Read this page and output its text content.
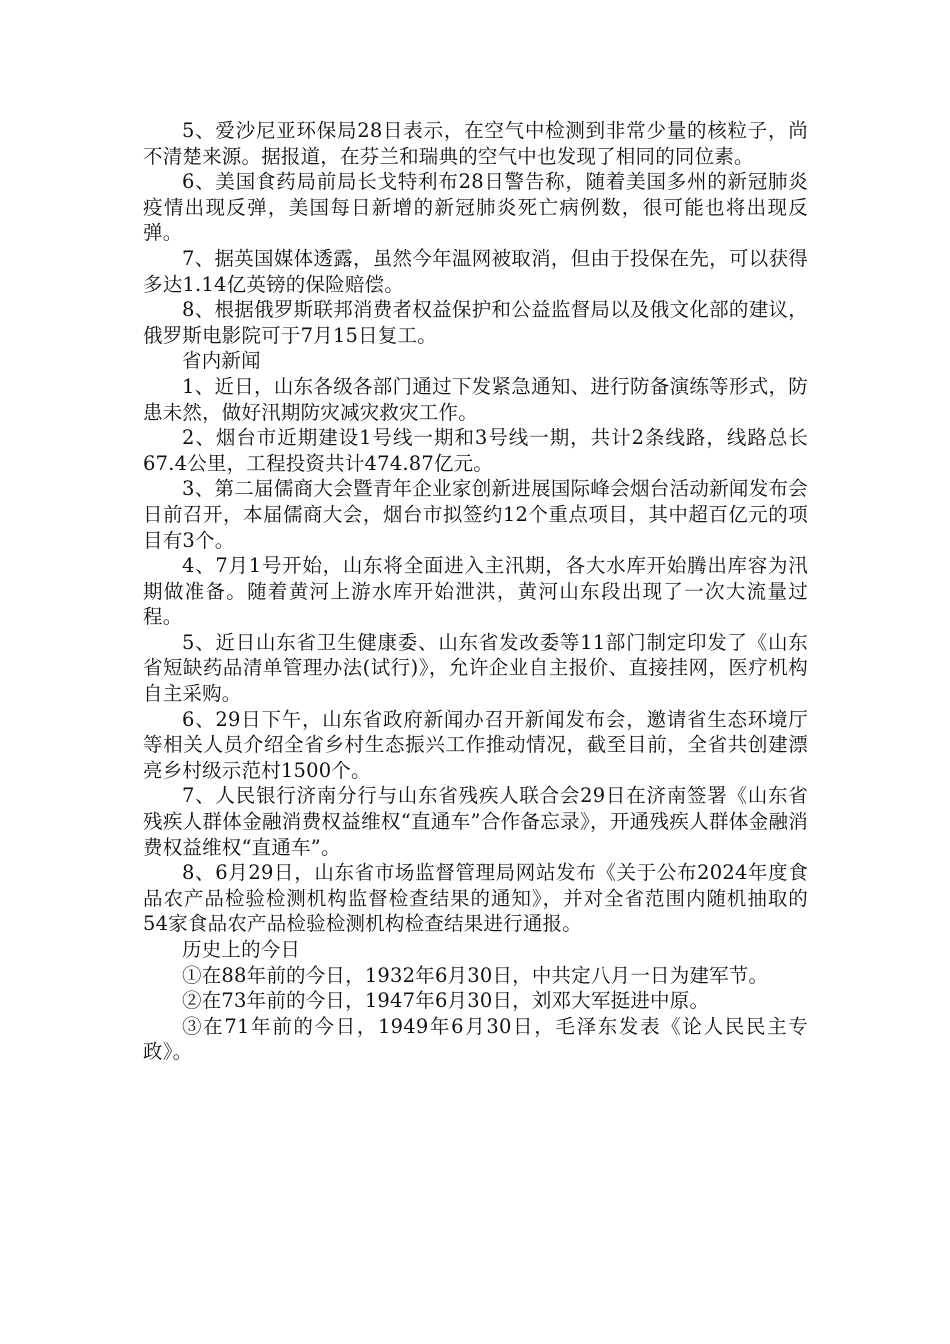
5、爱沙尼亚环保局28日表示，在空气中检测到非常少量的核粒子，尚不清楚来源。据报道，在芬兰和瑞典的空气中也发现了相同的同位素。

6、美国食药局前局长戈特利布28日警告称，随着美国多州的新冠肺炎疫情出现反弹，美国每日新增的新冠肺炎死亡病例数，很可能也将出现反弹。

7、据英国媒体透露，虽然今年温网被取消，但由于投保在先，可以获得多达1.14亿英镑的保险赔偿。

8、根据俄罗斯联邦消费者权益保护和公益监督局以及俄文化部的建议，俄罗斯电影院可于7月15日复工。

省内新闻

1、近日，山东各级各部门通过下发紧急通知、进行防备演练等形式，防患未然，做好汛期防灾减灾救灾工作。

2、烟台市近期建设1号线一期和3号线一期，共计2条线路，线路总长67.4公里，工程投资共计474.87亿元。

3、第二届儒商大会暨青年企业家创新进展国际峰会烟台活动新闻发布会日前召开，本届儒商大会，烟台市拟签约12个重点项目，其中超百亿元的项目有3个。

4、7月1号开始，山东将全面进入主汛期，各大水库开始腾出库容为汛期做准备。随着黄河上游水库开始泄洪，黄河山东段出现了一次大流量过程。

5、近日山东省卫生健康委、山东省发改委等11部门制定印发了《山东省短缺药品清单管理办法(试行)》，允许企业自主报价、直接挂网，医疗机构自主采购。

6、29日下午，山东省政府新闻办召开新闻发布会，邀请省生态环境厅等相关人员介绍全省乡村生态振兴工作推动情况，截至目前，全省共创建漂亮乡村级示范村1500个。

7、人民银行济南分行与山东省残疾人联合会29日在济南签署《山东省残疾人群体金融消费权益维权“直通车”合作备忘录》，开通残疾人群体金融消费权益维权“直通车”。

8、6月29日，山东省市场监督管理局网站发布《关于公布2024年度食品农产品检验检测机构监督检查结果的通知》，并对全省范围内随机抽取的54家食品农产品检验检测机构检查结果进行通报。

历史上的今日

①在88年前的今日，1932年6月30日，中共定八月一日为建军节。

②在73年前的今日，1947年6月30日，刘邓大军挺进中原。

③在71年前的今日，1949年6月30日，毛泽东发表《论人民民主专政》。
